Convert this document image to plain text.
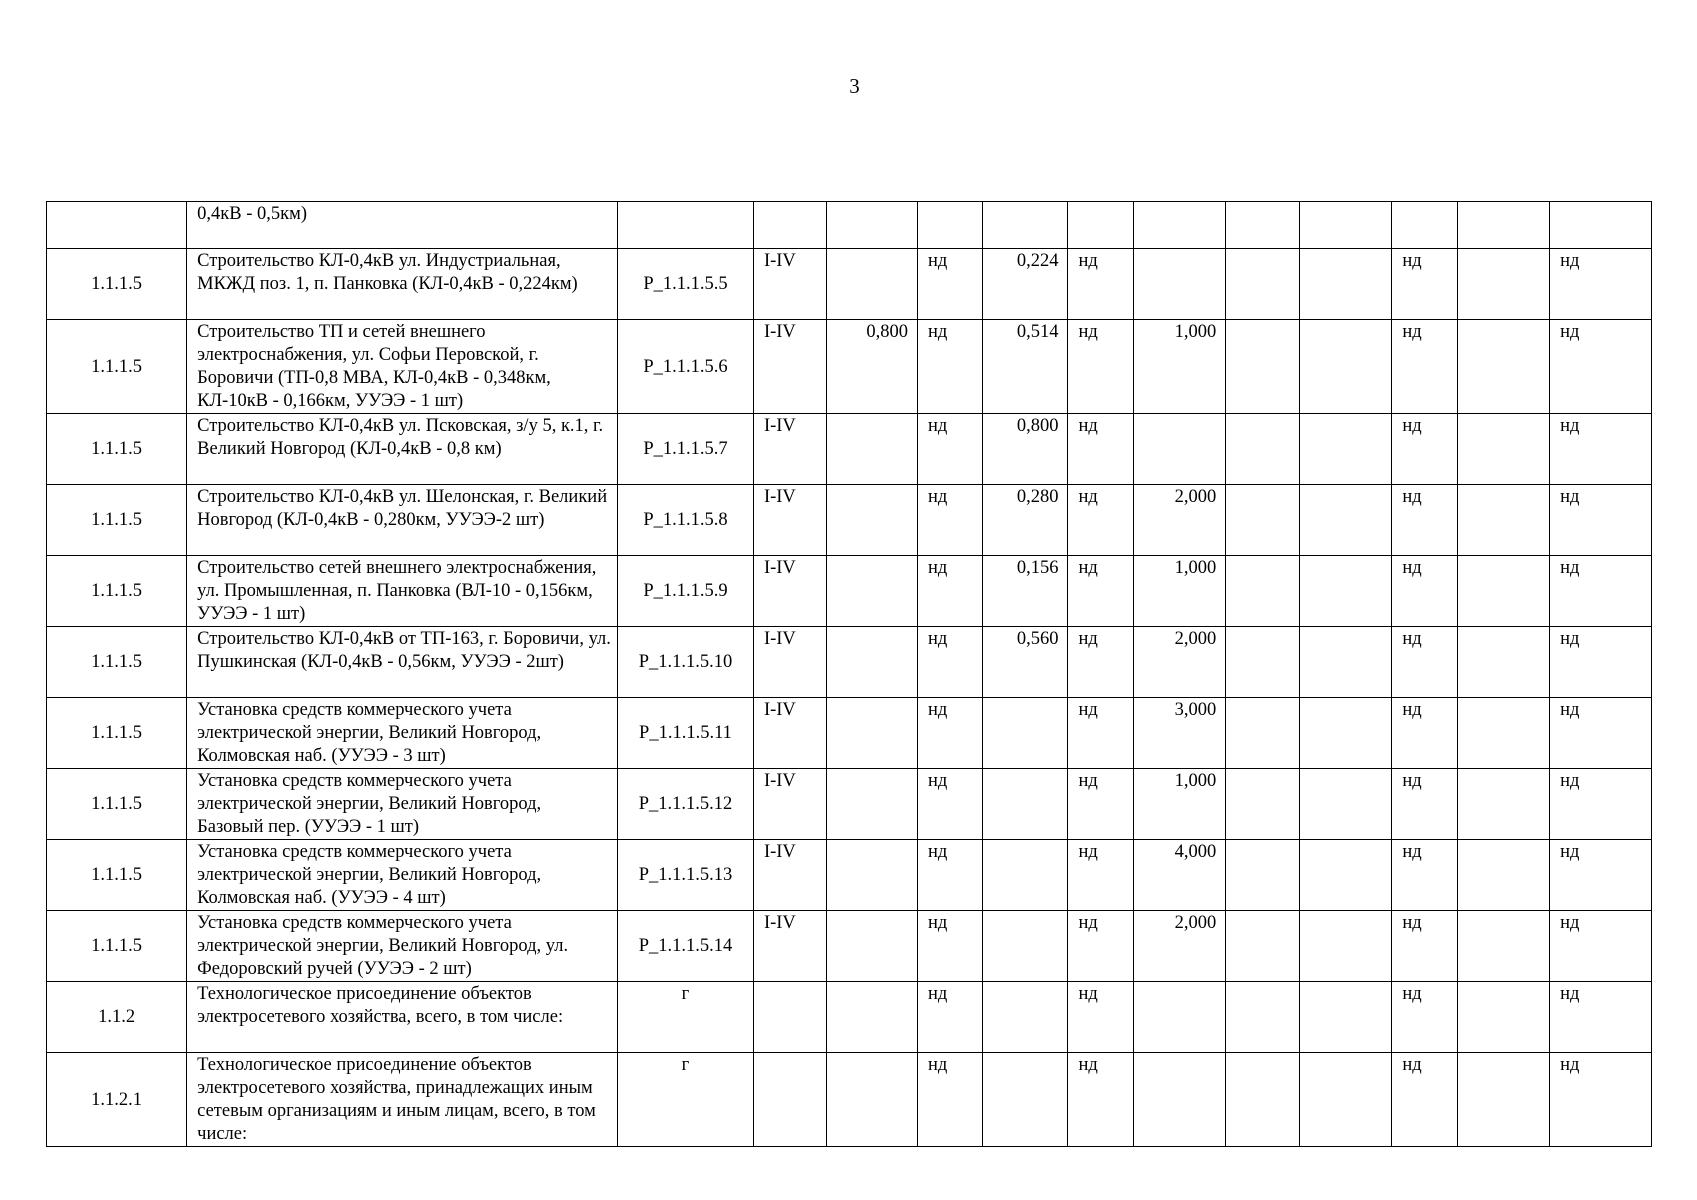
3
	0,4кВ - 0,5км)												
1.1.1.5	Строительство КЛ-0,4кВ ул. Индустриальная, МКЖД поз. 1, п. Панковка (КЛ-0,4кВ - 0,224км)	P_1.1.1.5.5	I-IV		нд	0,224	нд				нд		нд
1.1.1.5	Строительство ТП и сетей внешнего электроснабжения, ул. Софьи Перовской, г. Боровичи (ТП-0,8 МВА, КЛ-0,4кВ - 0,348км, КЛ-10кВ - 0,166км, УУЭЭ - 1 шт)	P_1.1.1.5.6	I-IV	0,800	нд	0,514	нд	1,000			нд		нд
1.1.1.5	Строительство КЛ-0,4кВ ул. Псковская, з/у 5, к.1, г. Великий Новгород (КЛ-0,4кВ - 0,8 км)	P_1.1.1.5.7	I-IV		нд	0,800	нд				нд		нд
1.1.1.5	Строительство КЛ-0,4кВ ул. Шелонская, г. Великий Новгород (КЛ-0,4кВ - 0,280км, УУЭЭ-2 шт)	P_1.1.1.5.8	I-IV		нд	0,280	нд	2,000			нд		нд
1.1.1.5	Строительство сетей внешнего электроснабжения, ул. Промышленная, п. Панковка (ВЛ-10 - 0,156км, УУЭЭ - 1 шт)	P_1.1.1.5.9	I-IV		нд	0,156	нд	1,000			нд		нд
1.1.1.5	Строительство КЛ-0,4кВ от ТП-163, г. Боровичи, ул. Пушкинская (КЛ-0,4кВ - 0,56км, УУЭЭ - 2шт)	P_1.1.1.5.10	I-IV		нд	0,560	нд	2,000			нд		нд
1.1.1.5	Установка средств коммерческого учета электрической энергии, Великий Новгород, Колмовская наб. (УУЭЭ - 3 шт)	P_1.1.1.5.11	I-IV		нд		нд	3,000			нд		нд
1.1.1.5	Установка средств коммерческого учета электрической энергии, Великий Новгород, Базовый пер. (УУЭЭ - 1 шт)	P_1.1.1.5.12	I-IV		нд		нд	1,000			нд		нд
1.1.1.5	Установка средств коммерческого учета электрической энергии, Великий Новгород, Колмовская наб. (УУЭЭ - 4 шт)	P_1.1.1.5.13	I-IV		нд		нд	4,000			нд		нд
1.1.1.5	Установка средств коммерческого учета электрической энергии, Великий Новгород, ул. Федоровский ручей (УУЭЭ - 2 шт)	P_1.1.1.5.14	I-IV		нд		нд	2,000			нд		нд
1.1.2	Технологическое присоединение объектов электросетевого хозяйства, всего, в том числе:	г			нд		нд				нд		нд
1.1.2.1	Технологическое присоединение объектов электросетевого хозяйства, принадлежащих иным сетевым организациям и иным лицам, всего, в том числе:	г			нд		нд				нд		нд
